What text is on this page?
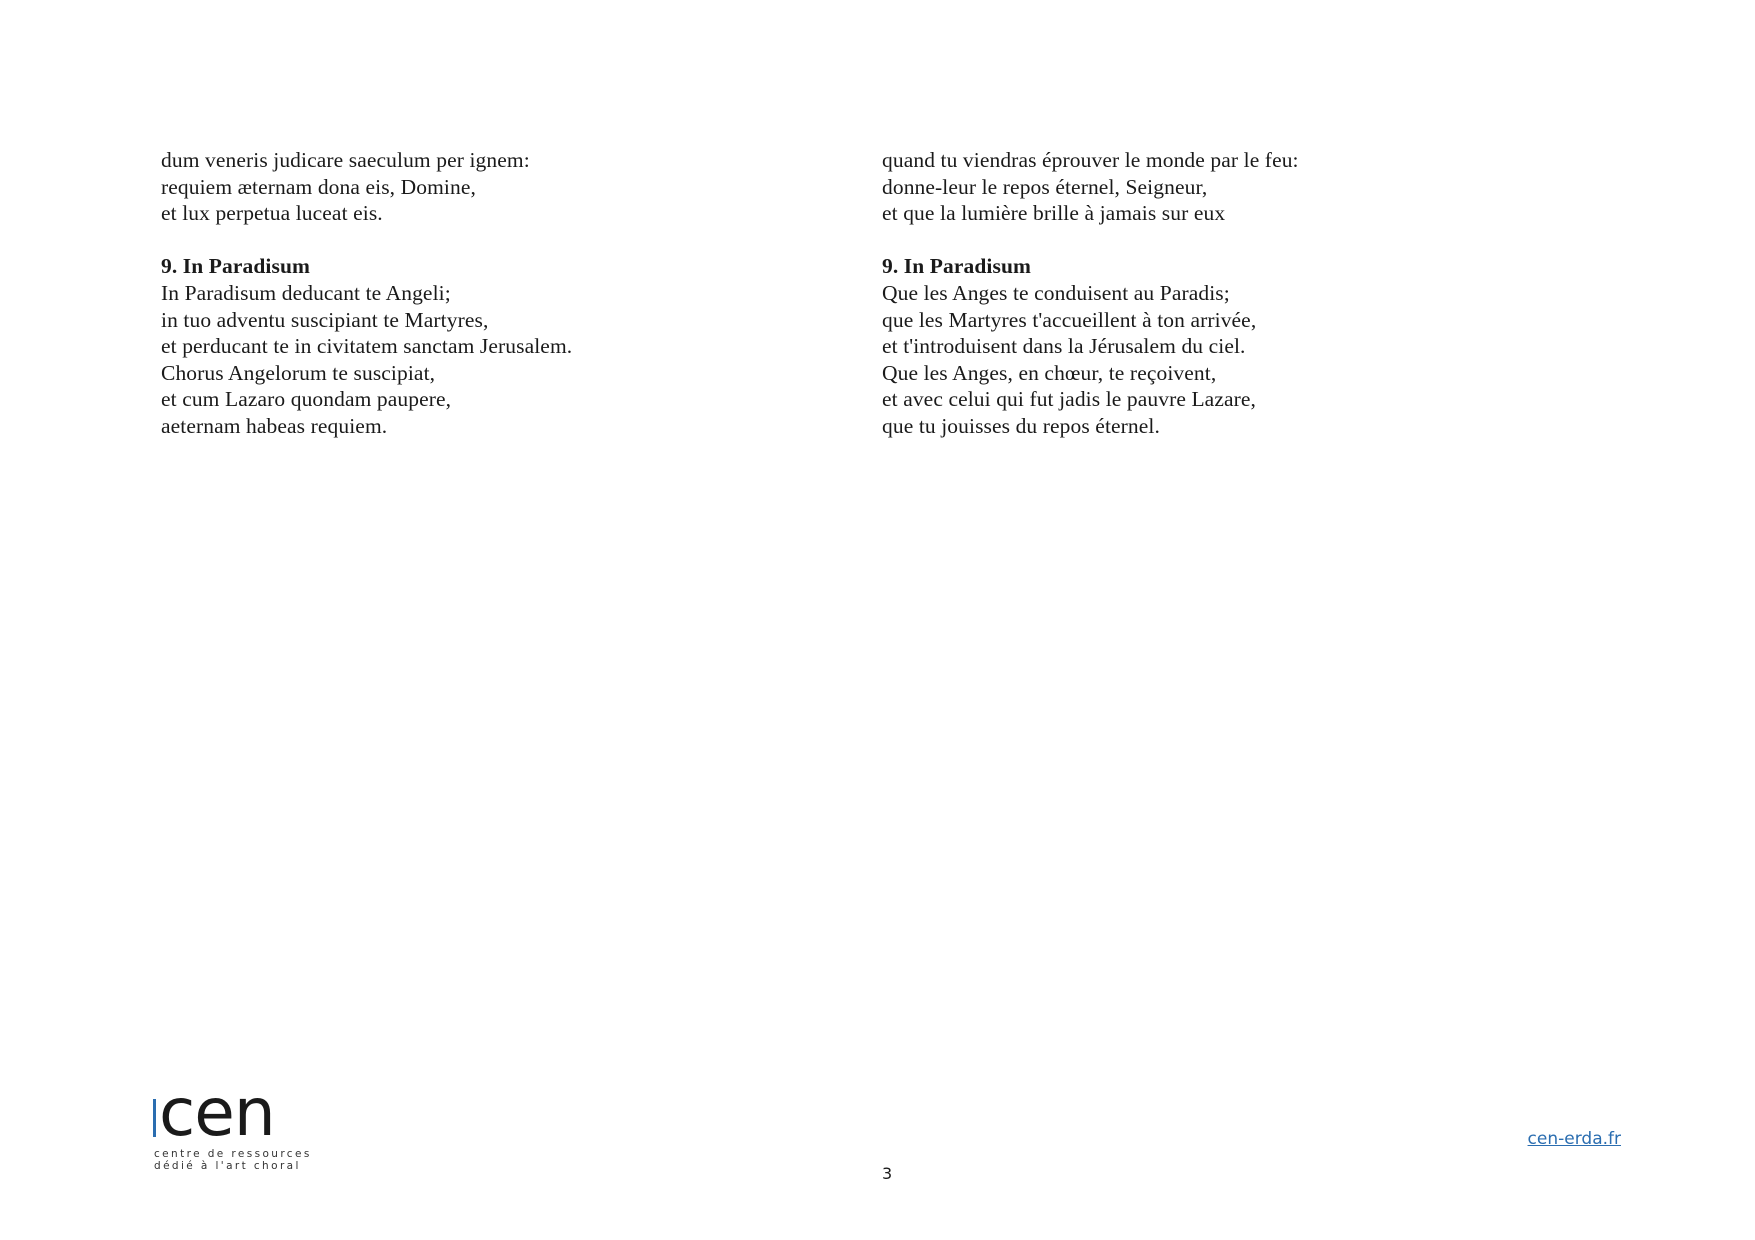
dum veneris judicare saeculum per ignem:
requiem æternam dona eis, Domine,
et lux perpetua luceat eis.
9. In Paradisum
In Paradisum deducant te Angeli;
in tuo adventu suscipiant te Martyres,
et perducant te in civitatem sanctam Jerusalem.
Chorus Angelorum te suscipiat,
et cum Lazaro quondam paupere,
aeternam habeas requiem.
quand tu viendras éprouver le monde par le feu:
donne-leur le repos éternel, Seigneur,
et que la lumière brille à jamais sur eux
9. In Paradisum
Que les Anges te conduisent au Paradis;
que les Martyres t'accueillent à ton arrivée,
et t'introduisent dans la Jérusalem du ciel.
Que les Anges, en chœur, te reçoivent,
et avec celui qui fut jadis le pauvre Lazare,
que tu jouisses du repos éternel.
cen
centre de ressources
dédié à l'art choral
cen-erda.fr
3
